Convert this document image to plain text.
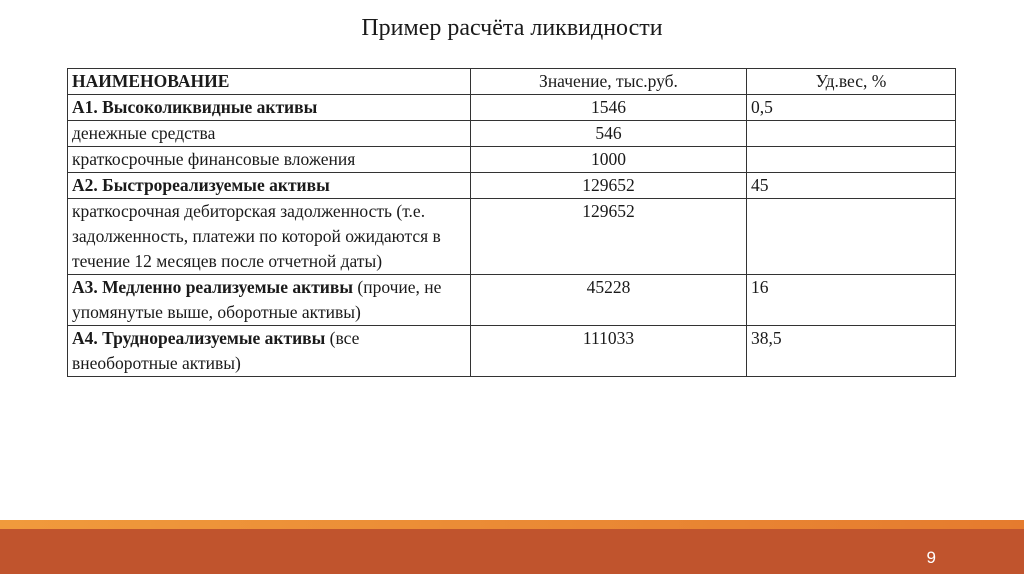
Пример расчёта ликвидности
НАИМЕНОВАНИЕ	Значение, тыс.руб.	Уд.вес, %
А1. Высоколиквидные активы	1546	0,5
денежные средства	546	
краткосрочные финансовые вложения	1000	
А2. Быстрореализуемые активы	129652	45
краткосрочная дебиторская задолженность (т.е. задолженность, платежи по которой ожидаются в течение 12 месяцев после отчетной даты)	129652	
А3. Медленно реализуемые активы (прочие, не упомянутые выше, оборотные активы)	45228	16
А4. Труднореализуемые активы (все внеоборотные активы)	111033	38,5
9
